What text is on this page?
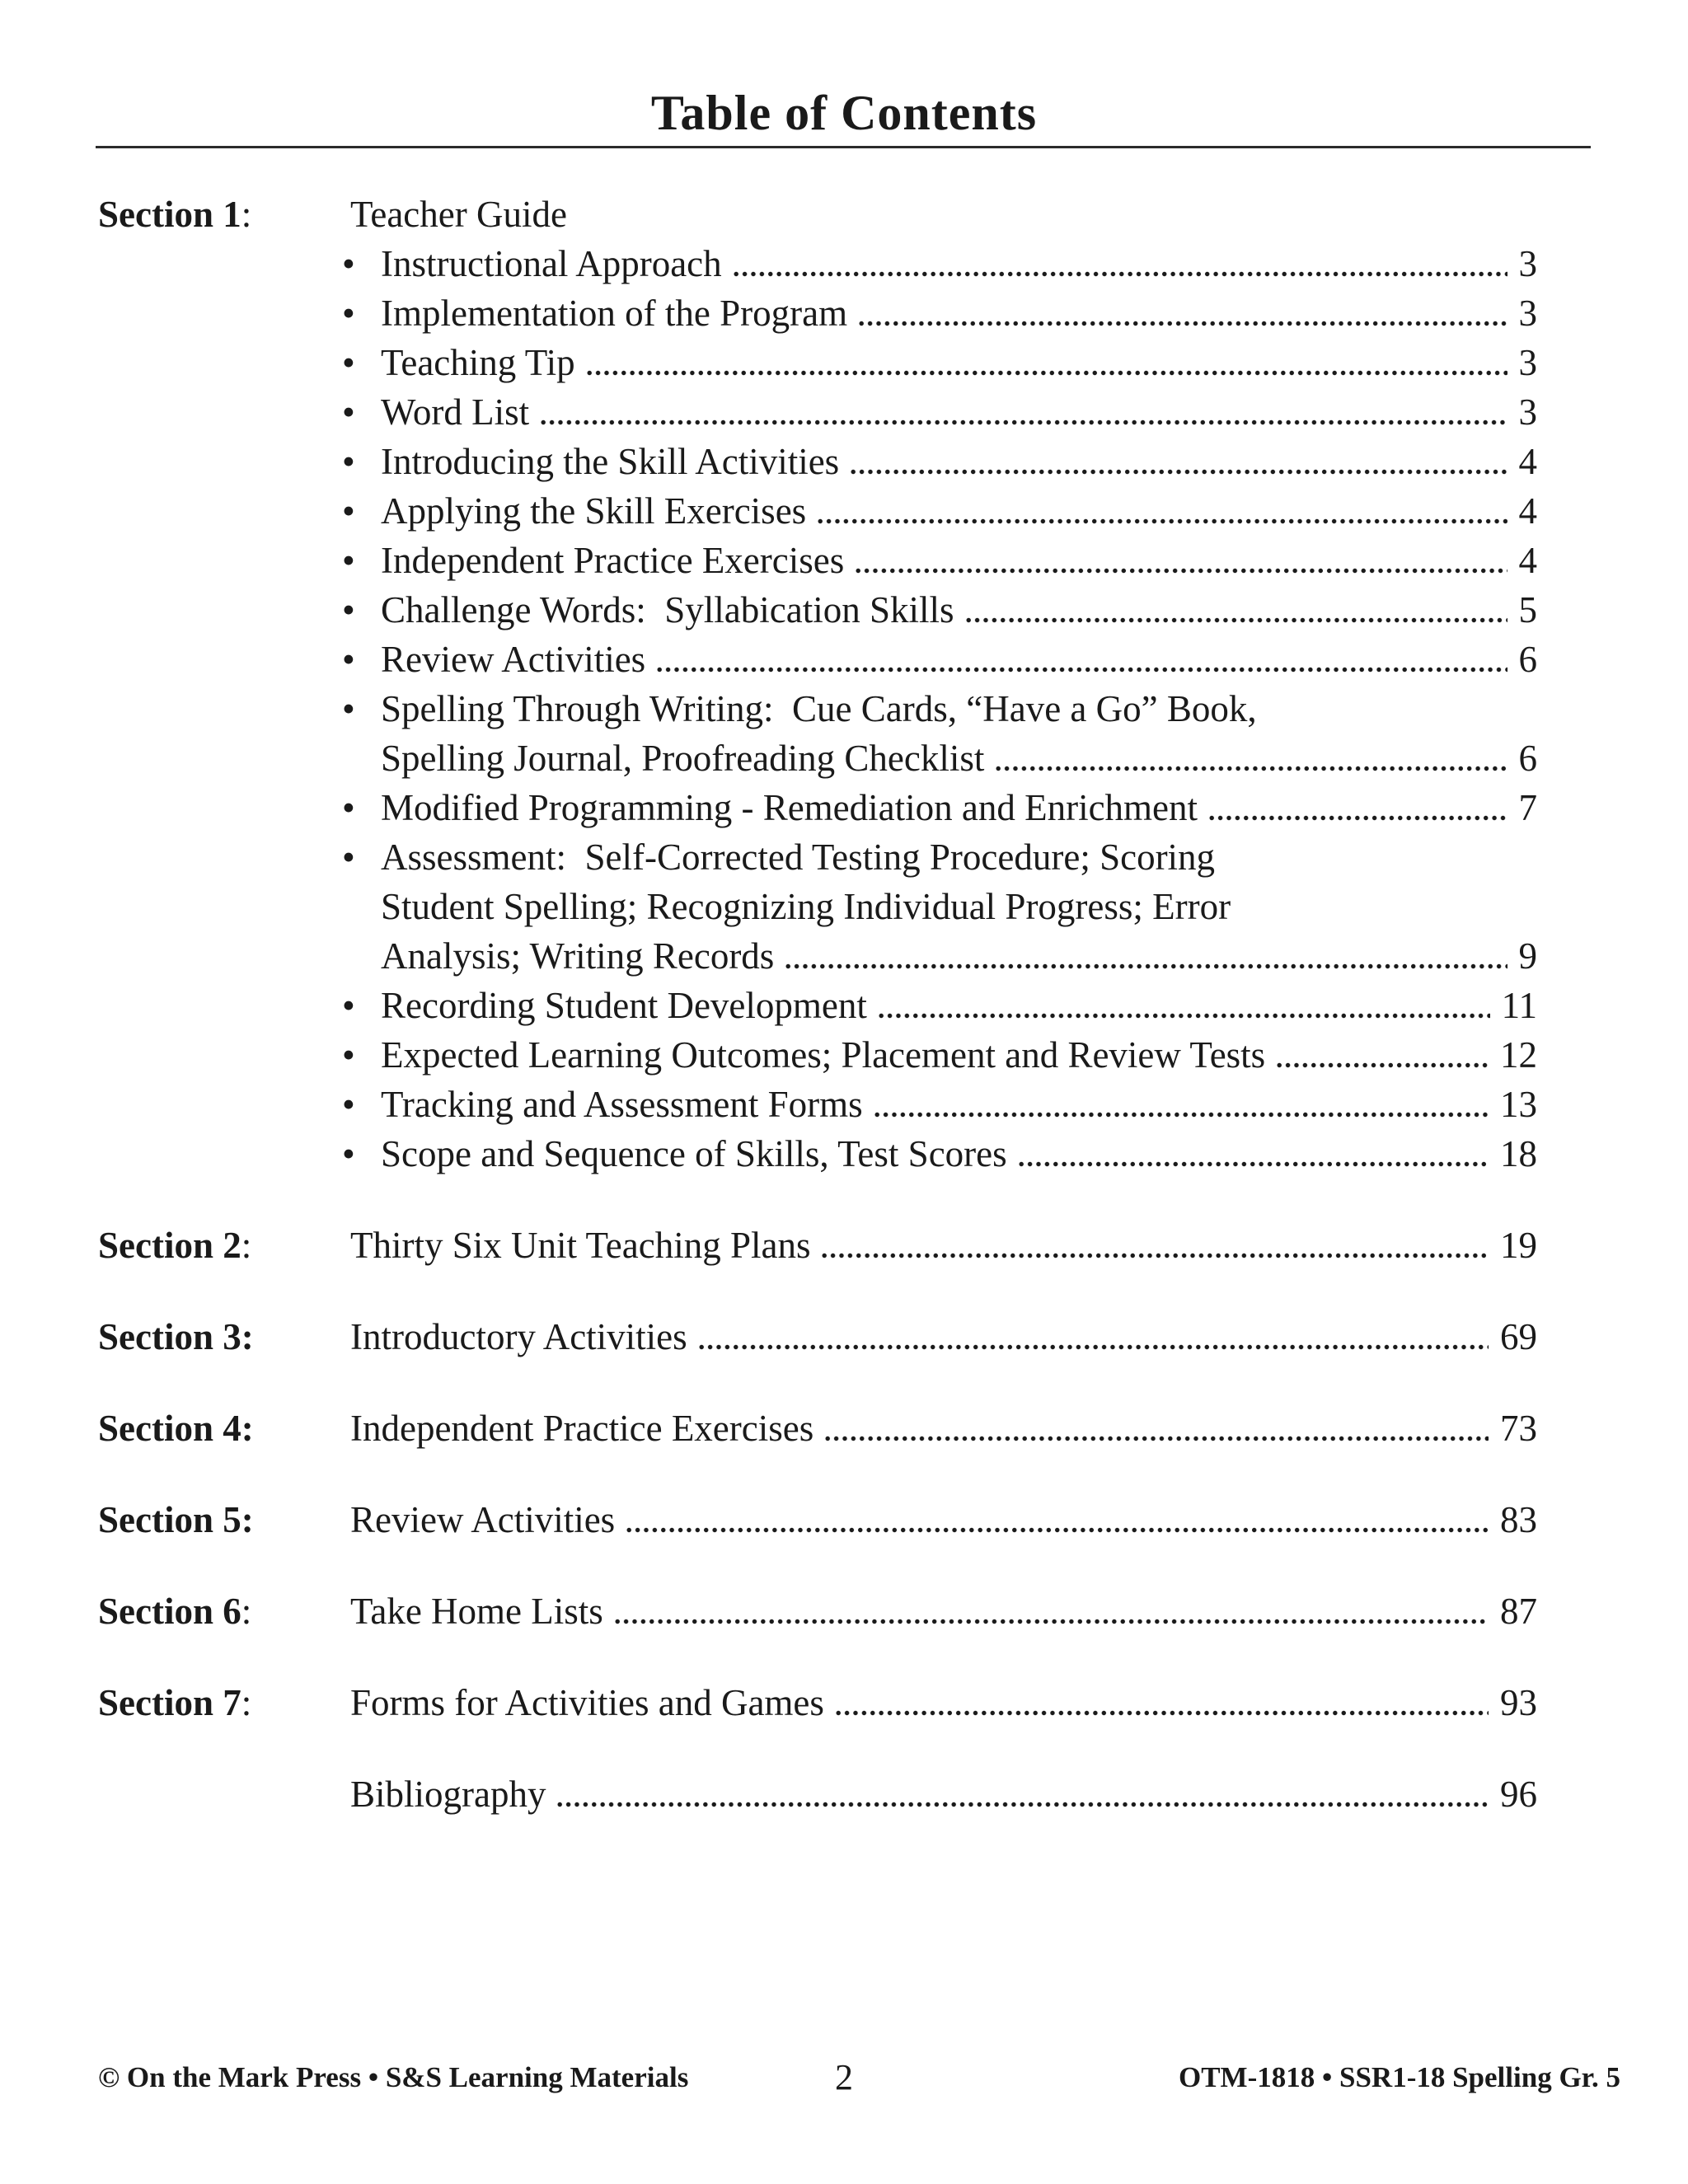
Table of Contents
Section 1:	Teacher Guide
• Instructional Approach	3
• Implementation of the Program	3
• Teaching Tip	3
• Word List	3
• Introducing the Skill Activities	4
• Applying the Skill Exercises	4
• Independent Practice Exercises	4
• Challenge Words:  Syllabication Skills	5
• Review Activities	6
• Spelling Through Writing:  Cue Cards, “Have a Go” Book,
Spelling Journal, Proofreading Checklist	6
• Modified Programming - Remediation and Enrichment	7
• Assessment:  Self-Corrected Testing Procedure; Scoring
Student Spelling; Recognizing Individual Progress; Error
Analysis; Writing Records	9
• Recording Student Development	11
• Expected Learning Outcomes; Placement and Review Tests	12
• Tracking and Assessment Forms	13
• Scope and Sequence of Skills, Test Scores	18
Section 2:	Thirty Six Unit Teaching Plans	19
Section 3:	Introductory Activities	69
Section 4:	Independent Practice Exercises	73
Section 5:	Review Activities	83
Section 6:	Take Home Lists	87
Section 7:	Forms for Activities and Games	93
Bibliography	96
© On the Mark Press • S&S Learning Materials	2	OTM-1818 • SSR1-18 Spelling Gr. 5
